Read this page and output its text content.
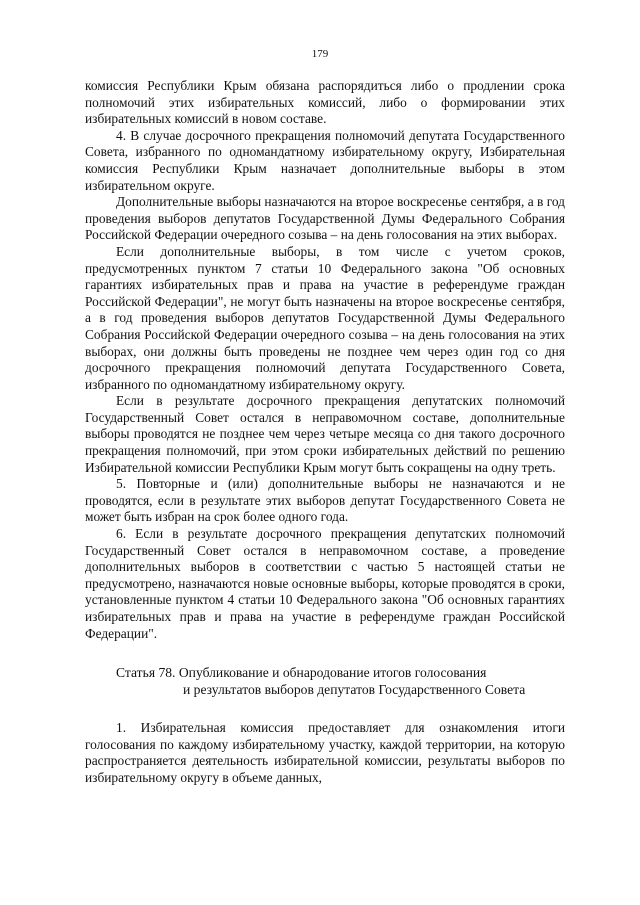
179

комиссия Республики Крым обязана распорядиться либо о продлении срока полномочий этих избирательных комиссий, либо о формировании этих избирательных комиссий в новом составе.

4. В случае досрочного прекращения полномочий депутата Государственного Совета, избранного по одномандатному избирательному округу, Избирательная комиссия Республики Крым назначает дополнительные выборы в этом избирательном округе.

Дополнительные выборы назначаются на второе воскресенье сентября, а в год проведения выборов депутатов Государственной Думы Федерального Собрания Российской Федерации очередного созыва – на день голосования на этих выборах.

Если дополнительные выборы, в том числе с учетом сроков, предусмотренных пунктом 7 статьи 10 Федерального закона "Об основных гарантиях избирательных прав и права на участие в референдуме граждан Российской Федерации", не могут быть назначены на второе воскресенье сентября, а в год проведения выборов депутатов Государственной Думы Федерального Собрания Российской Федерации очередного созыва – на день голосования на этих выборах, они должны быть проведены не позднее чем через один год со дня досрочного прекращения полномочий депутата Государственного Совета, избранного по одномандатному избирательному округу.

Если в результате досрочного прекращения депутатских полномочий Государственный Совет остался в неправомочном составе, дополнительные выборы проводятся не позднее чем через четыре месяца со дня такого досрочного прекращения полномочий, при этом сроки избирательных действий по решению Избирательной комиссии Республики Крым могут быть сокращены на одну треть.

5. Повторные и (или) дополнительные выборы не назначаются и не проводятся, если в результате этих выборов депутат Государственного Совета не может быть избран на срок более одного года.

6. Если в результате досрочного прекращения депутатских полномочий Государственный Совет остался в неправомочном составе, а проведение дополнительных выборов в соответствии с частью 5 настоящей статьи не предусмотрено, назначаются новые основные выборы, которые проводятся в сроки, установленные пунктом 4 статьи 10 Федерального закона "Об основных гарантиях избирательных прав и права на участие в референдуме граждан Российской Федерации".

Статья 78. Опубликование и обнародование итогов голосования
и результатов выборов депутатов Государственного Совета

1. Избирательная комиссия предоставляет для ознакомления итоги голосования по каждому избирательному участку, каждой территории, на которую распространяется деятельность избирательной комиссии, результаты выборов по избирательному округу в объеме данных,
